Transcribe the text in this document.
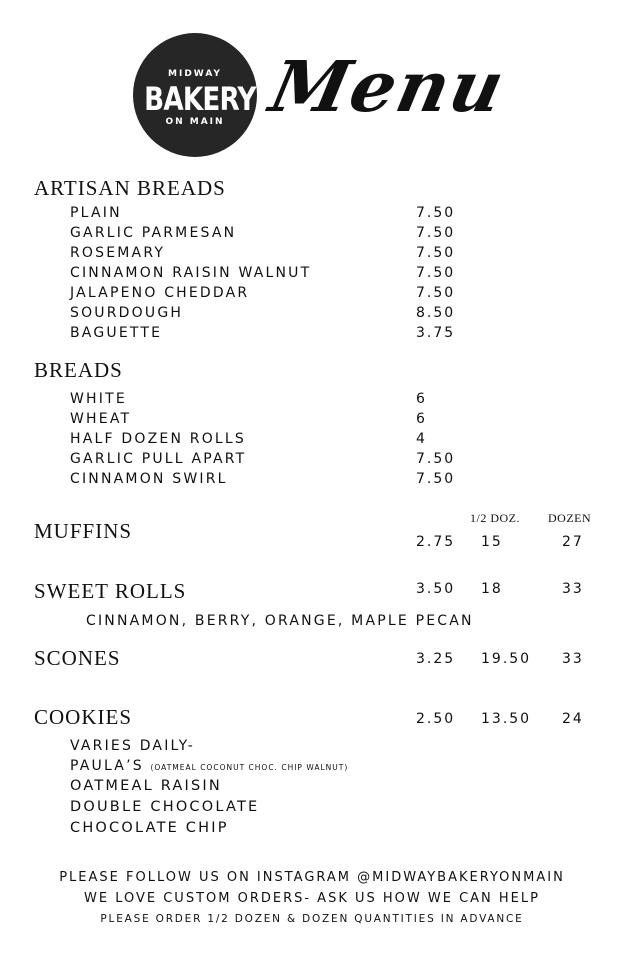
MIDWAY
BAKERY
ON MAIN Menu
ARTISAN BREADS
PLAIN	7.50
GARLIC PARMESAN	7.50
ROSEMARY	7.50
CINNAMON RAISIN WALNUT	7.50
JALAPENO CHEDDAR	7.50
SOURDOUGH	8.50
BAGUETTE	3.75
BREADS
WHITE	6
WHEAT	6
HALF DOZEN ROLLS	4
GARLIC PULL APART	7.50
CINNAMON SWIRL	7.50
1/2 DOZ. DOZEN
MUFFINS	2.75 15	27
SWEET ROLLS	3.50 18	33
CINNAMON, BERRY, ORANGE, MAPLE PECAN
SCONES	3.25 19.50 33
COOKIES	2.50 13.50 24
VARIES DAILY-
PAULA’S (OATMEAL COCONUT CHOC. CHIP WALNUT)
OATMEAL RAISIN
DOUBLE CHOCOLATE
CHOCOLATE CHIP
PLEASE FOLLOW US ON INSTAGRAM @MIDWAYBAKERYONMAIN
WE LOVE CUSTOM ORDERS- ASK US HOW WE CAN HELP
PLEASE ORDER 1/2 DOZEN & DOZEN QUANTITIES IN ADVANCE
